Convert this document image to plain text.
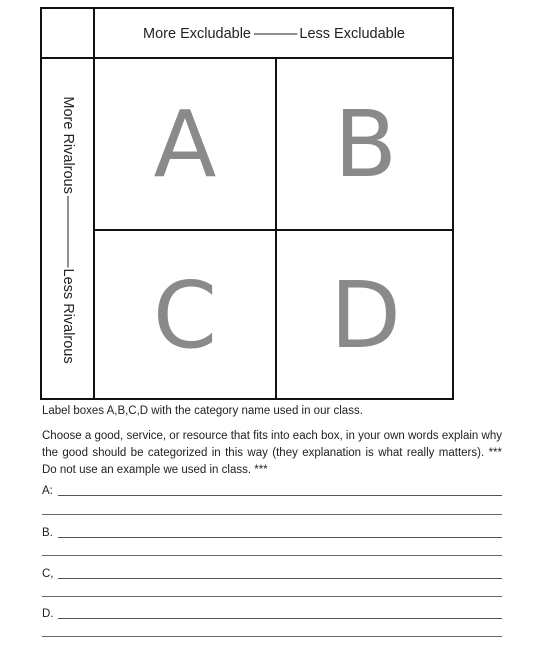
More Excludable –––––– Less Excludable
More Rivalrous
––––––––––
Less Rivalrous
A	B
C	D
Label boxes A,B,C,D with the category name used in our class.
Choose a good, service, or resource that fits into each box, in your own words explain why the good should be categorized in this way (they explanation is what really matters). *** Do not use an example we used in class. ***
A:
B.
C,
D.
